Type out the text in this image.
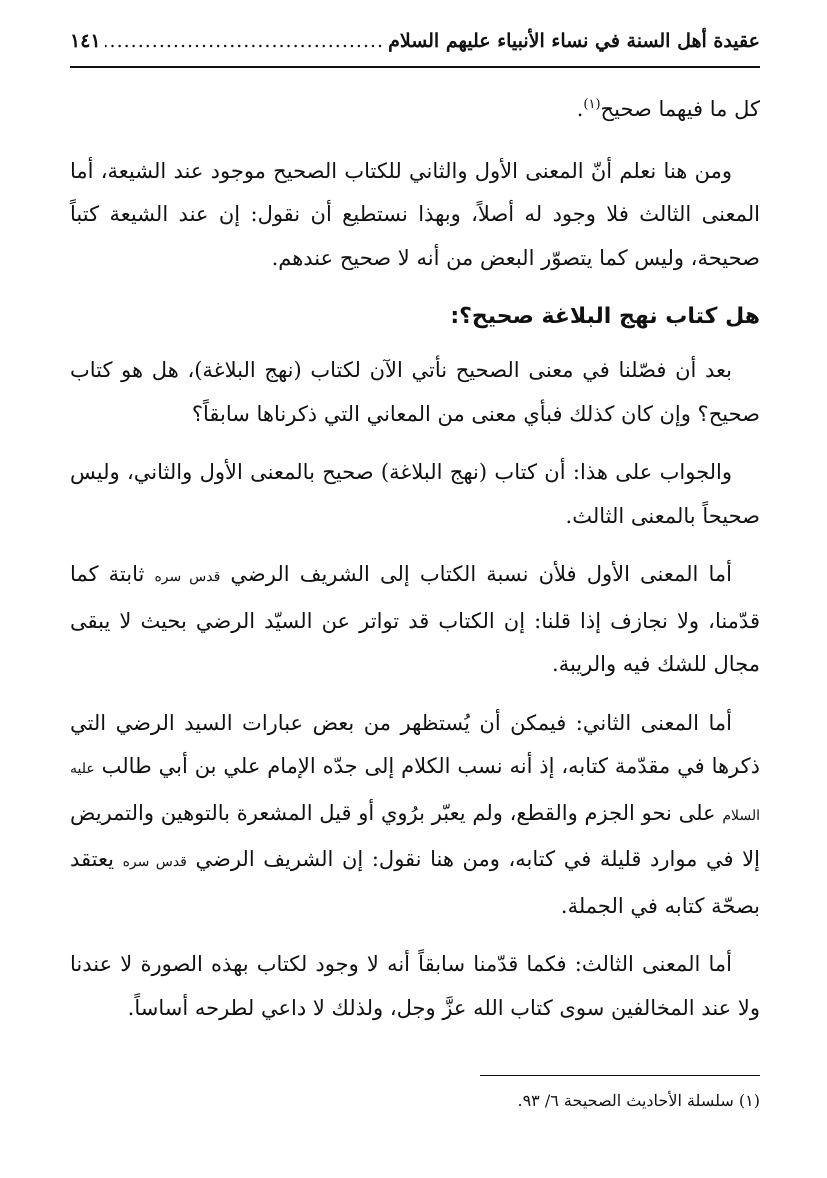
عقيدة أهل السنة في نساء الأنبياء عليهم السلام
.....
١٤١

كل ما فيهما صحيح$^{(١)}$.

ومن هنا نعلم أنّ المعنى الأول والثاني للكتاب الصحيح موجود عند الشيعة، أما المعنى الثالث فلا وجود له أصلاً، وبهذا نستطيع أن نقول: إن عند الشيعة كتباً صحيحة، وليس كما يتصوّر البعض من أنه لا صحيح عندهم.

هل كتاب نهج البلاغة صحيح؟:

بعد أن فصّلنا في معنى الصحيح نأتي الآن لكتاب (نهج البلاغة)، هل هو كتاب صحيح؟ وإن كان كذلك فبأي معنى من المعاني التي ذكرناها سابقاً؟

والجواب على هذا: أن كتاب (نهج البلاغة) صحيح بالمعنى الأول والثاني، وليس صحيحاً بالمعنى الثالث.

أما المعنى الأول فلأن نسبة الكتاب إلى الشريف الرضي قدس سره ثابتة كما قدّمنا، ولا نجازف إذا قلنا: إن الكتاب قد تواتر عن السيّد الرضي بحيث لا يبقى مجال للشك فيه والريبة.

أما المعنى الثاني: فيمكن أن يُستظهر من بعض عبارات السيد الرضي التي ذكرها في مقدّمة كتابه، إذ أنه نسب الكلام إلى جدّه الإمام علي بن أبي طالب عليه السلام على نحو الجزم والقطع، ولم يعبّر برُوي أو قيل المشعرة بالتوهين والتمريض إلا في موارد قليلة في كتابه، ومن هنا نقول: إن الشريف الرضي قدس سره يعتقد بصحّة كتابه في الجملة.

أما المعنى الثالث: فكما قدّمنا سابقاً أنه لا وجود لكتاب بهذه الصورة لا عندنا ولا عند المخالفين سوى كتاب الله عزَّ وجل، ولذلك لا داعي لطرحه أساساً.

(١) سلسلة الأحاديث الصحيحة ٦/ ٩٣.
